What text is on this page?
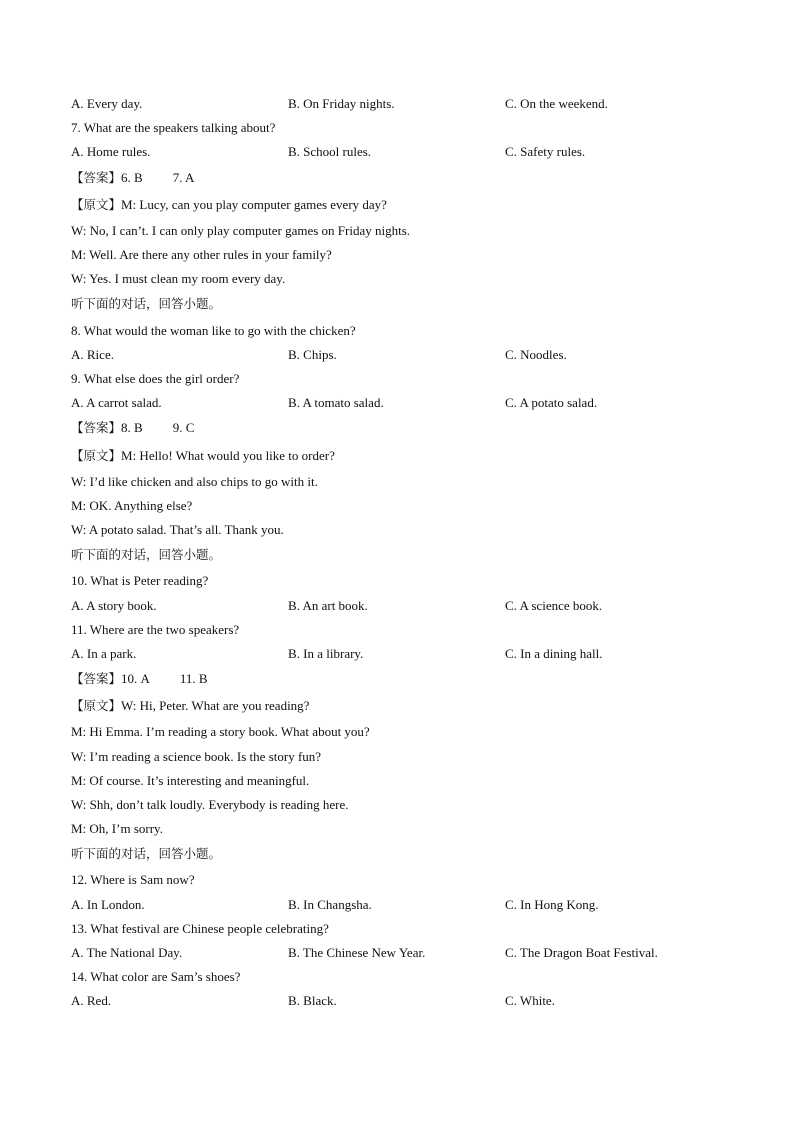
A. Every day.	B. On Friday nights.	C. On the weekend.
7. What are the speakers talking about?
A. Home rules.	B. School rules.	C. Safety rules.
【答案】6. B 7. A
【原文】M: Lucy, can you play computer games every day?
W: No, I can’t. I can only play computer games on Friday nights.
M: Well. Are there any other rules in your family?
W: Yes. I must clean my room every day.
听下面的对话，回答小题。
8. What would the woman like to go with the chicken?
A. Rice.	B. Chips.	C. Noodles.
9. What else does the girl order?
A. A carrot salad.	B. A tomato salad.	C. A potato salad.
【答案】8. B 9. C
【原文】M: Hello! What would you like to order?
W: I’d like chicken and also chips to go with it.
M: OK. Anything else?
W: A potato salad. That’s all. Thank you.
听下面的对话，回答小题。
10. What is Peter reading?
A. A story book.	B. An art book.	C. A science book.
11. Where are the two speakers?
A. In a park.	B. In a library.	C. In a dining hall.
【答案】10. A 11. B
【原文】W: Hi, Peter. What are you reading?
M: Hi Emma. I’m reading a story book. What about you?
W: I’m reading a science book. Is the story fun?
M: Of course. It’s interesting and meaningful.
W: Shh, don’t talk loudly. Everybody is reading here.
M: Oh, I’m sorry.
听下面的对话，回答小题。
12. Where is Sam now?
A. In London.	B. In Changsha.	C. In Hong Kong.
13. What festival are Chinese people celebrating?
A. The National Day.	B. The Chinese New Year.	C. The Dragon Boat Festival.
14. What color are Sam’s shoes?
A. Red.	B. Black.	C. White.
